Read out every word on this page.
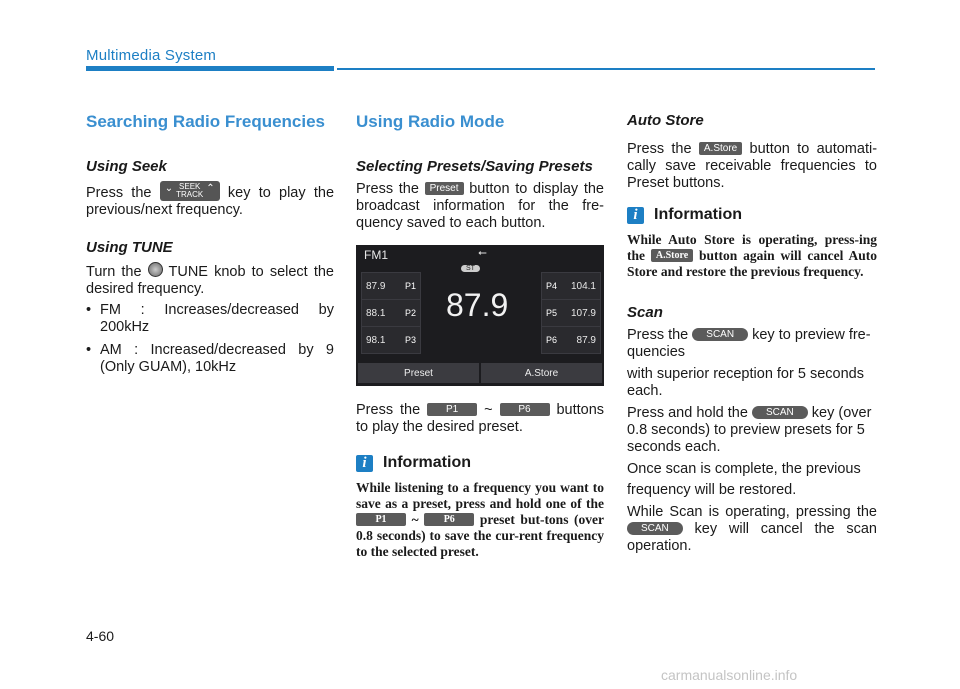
Multimedia System
Searching Radio Frequencies
Using Seek

Press the ⌄ SEEK
TRACK
⌃ key to play the previous/next frequency.

Using TUNE

Turn the  TUNE knob to select the desired frequency.

• FM : Increases/decreased by 200kHz
• AM : Increased/decreased by 9 (Only GUAM), 10kHz
Using Radio Mode
Selecting Presets/Saving Presets

Press the Preset button to display the broadcast information for the fre-quency saved to each button.

FM1	⭠
ST
87.9 P1
88.1 P2
98.1 P3
87.9
P4 104.1
P5 107.9
P6 87.9
Preset	A.Store

Press the	P1 ~	P6 buttons to play the desired preset.

i	Information

While listening to a frequency you want to save as a preset, press and hold one of the P1 ~	P6 preset but-tons (over 0.8 seconds) to save the cur-rent frequency to the selected preset.

Auto Store

Press the A.Store button to automati-cally save receivable frequencies to Preset buttons.

i	Information

While Auto Store is operating, press-ing the A.Store button again will cancel Auto Store and restore the previous frequency.

Scan

Press the SCAN key to preview fre-quencies

with superior reception for 5 seconds each.

Press and hold the SCAN key (over 0.8 seconds) to preview presets for 5 seconds each.

Once scan is complete, the previous

frequency will be restored.

While Scan is operating, pressing the SCAN key will cancel the scan operation.

4-60
carmanualsonline.info
